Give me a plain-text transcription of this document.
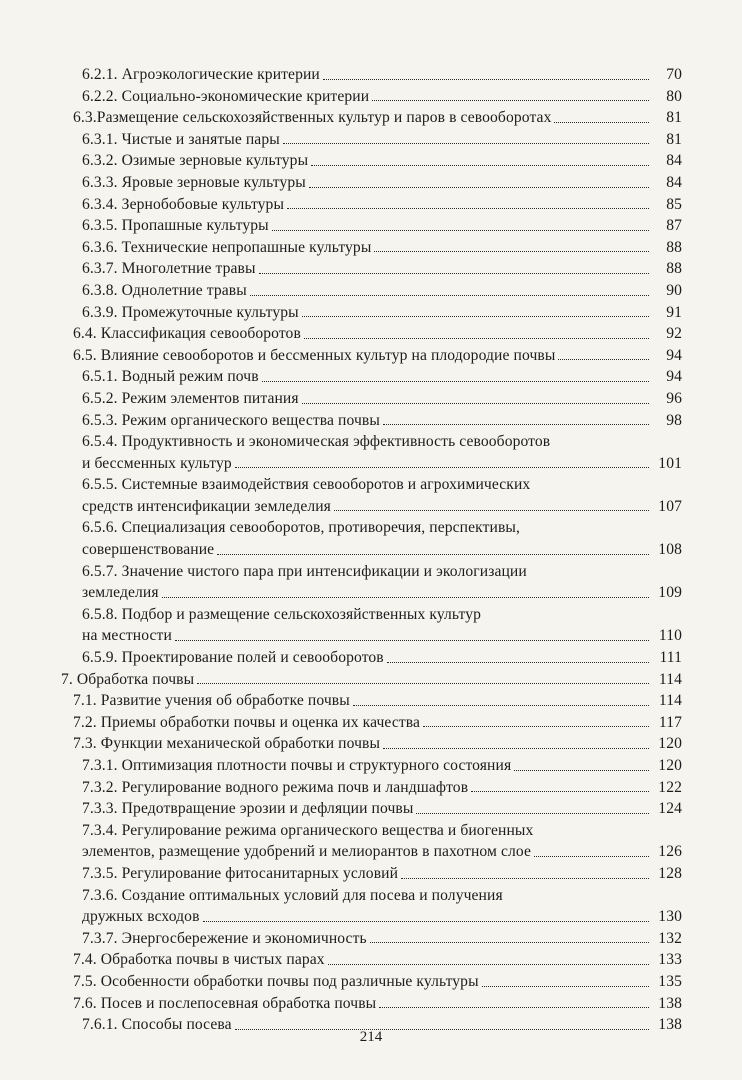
6.2.1. Агроэкологические критерии	70
6.2.2. Социально-экономические критерии	80
6.3.Размещение сельскохозяйственных культур и паров в севооборотах	81
6.3.1. Чистые и занятые пары	81
6.3.2. Озимые зерновые культуры	84
6.3.3. Яровые зерновые культуры	84
6.3.4. Зернобобовые культуры	85
6.3.5. Пропашные культуры	87
6.3.6. Технические непропашные культуры	88
6.3.7. Многолетние травы	88
6.3.8. Однолетние травы	90
6.3.9. Промежуточные культуры	91
6.4. Классификация севооборотов	92
6.5. Влияние севооборотов и бессменных культур на плодородие почвы	94
6.5.1. Водный режим почв	94
6.5.2. Режим элементов питания	96
6.5.3. Режим органического вещества почвы	98
6.5.4. Продуктивность и экономическая эффективность севооборотов
и бессменных культур	101
6.5.5. Системные взаимодействия севооборотов и агрохимических
средств интенсификации земледелия	107
6.5.6. Специализация севооборотов, противоречия, перспективы,
совершенствование	108
6.5.7. Значение чистого пара при интенсификации и экологизации
земледелия	109
6.5.8. Подбор и размещение сельскохозяйственных культур
на местности	110
6.5.9. Проектирование полей и севооборотов	111
7. Обработка почвы	114
7.1. Развитие учения об обработке почвы	114
7.2. Приемы обработки почвы и оценка их качества	117
7.3. Функции механической обработки почвы	120
7.3.1. Оптимизация плотности почвы и структурного состояния	120
7.3.2. Регулирование водного режима почв и ландшафтов	122
7.3.3. Предотвращение эрозии и дефляции почвы	124
7.3.4. Регулирование режима органического вещества и биогенных
элементов, размещение удобрений и мелиорантов в пахотном слое	126
7.3.5. Регулирование фитосанитарных условий	128
7.3.6. Создание оптимальных условий для посева и получения
дружных всходов	130
7.3.7. Энергосбережение и экономичность	132
7.4. Обработка почвы в чистых парах	133
7.5. Особенности обработки почвы под различные культуры	135
7.6. Посев и послепосевная обработка почвы	138
7.6.1. Способы посева	138
214
